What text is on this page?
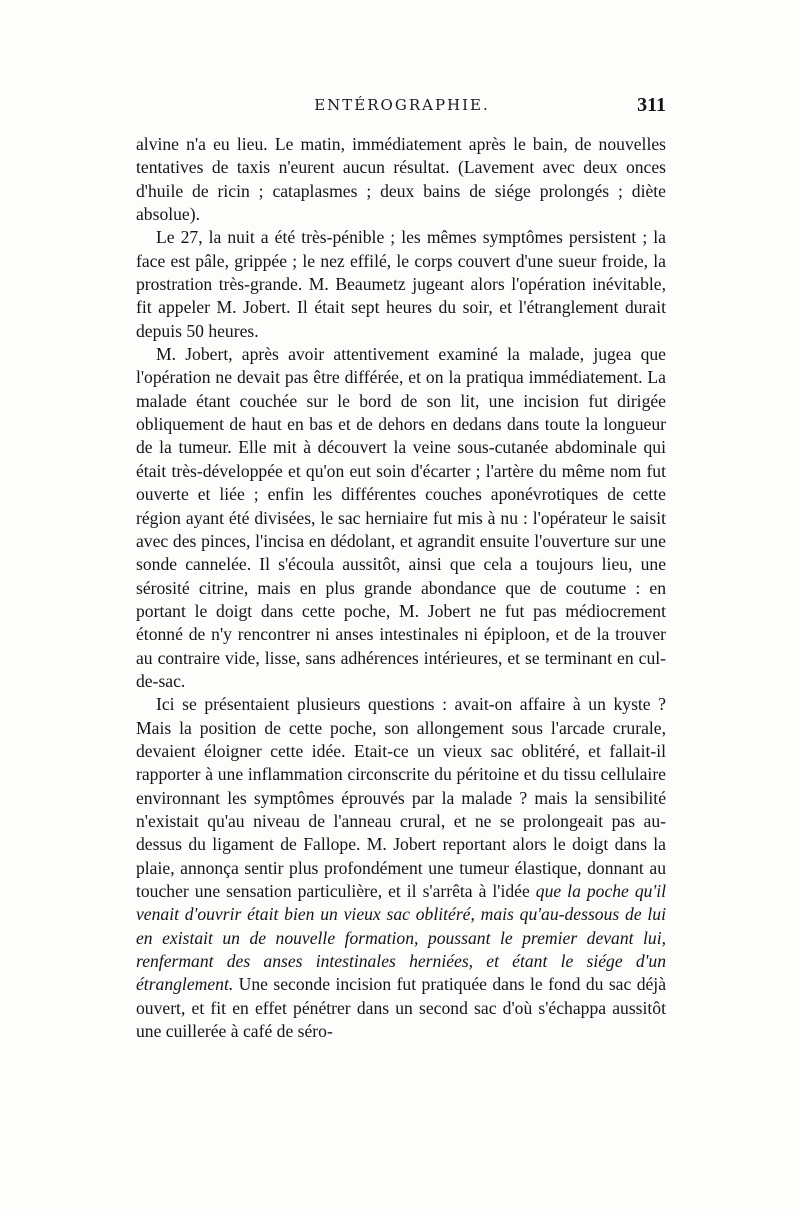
ENTÉROGRAPHIE.	311

alvine n'a eu lieu. Le matin, immédiatement après le bain, de nouvelles tentatives de taxis n'eurent aucun résultat. (Lavement avec deux onces d'huile de ricin ; cataplasmes ; deux bains de siége prolongés ; diète absolue).

Le 27, la nuit a été très-pénible ; les mêmes symptômes persistent ; la face est pâle, grippée ; le nez effilé, le corps couvert d'une sueur froide, la prostration très-grande. M. Beaumetz jugeant alors l'opération inévitable, fit appeler M. Jobert. Il était sept heures du soir, et l'étranglement durait depuis 50 heures.

M. Jobert, après avoir attentivement examiné la malade, jugea que l'opération ne devait pas être différée, et on la pratiqua immédiatement. La malade étant couchée sur le bord de son lit, une incision fut dirigée obliquement de haut en bas et de dehors en dedans dans toute la longueur de la tumeur. Elle mit à découvert la veine sous-cutanée abdominale qui était très-développée et qu'on eut soin d'écarter ; l'artère du même nom fut ouverte et liée ; enfin les différentes couches aponévrotiques de cette région ayant été divisées, le sac herniaire fut mis à nu : l'opérateur le saisit avec des pinces, l'incisa en dédolant, et agrandit ensuite l'ouverture sur une sonde cannelée. Il s'écoula aussitôt, ainsi que cela a toujours lieu, une sérosité citrine, mais en plus grande abondance que de coutume : en portant le doigt dans cette poche, M. Jobert ne fut pas médiocrement étonné de n'y rencontrer ni anses intestinales ni épiploon, et de la trouver au contraire vide, lisse, sans adhérences intérieures, et se terminant en cul-de-sac.

Ici se présentaient plusieurs questions : avait-on affaire à un kyste ? Mais la position de cette poche, son allongement sous l'arcade crurale, devaient éloigner cette idée. Etait-ce un vieux sac oblitéré, et fallait-il rapporter à une inflammation circonscrite du péritoine et du tissu cellulaire environnant les symptômes éprouvés par la malade ? mais la sensibilité n'existait qu'au niveau de l'anneau crural, et ne se prolongeait pas au-dessus du ligament de Fallope. M. Jobert reportant alors le doigt dans la plaie, annonça sentir plus profondément une tumeur élastique, donnant au toucher une sensation particulière, et il s'arrêta à l'idée que la poche qu'il venait d'ouvrir était bien un vieux sac oblitéré, mais qu'au-dessous de lui en existait un de nouvelle formation, poussant le premier devant lui, renfermant des anses intestinales herniées, et étant le siége d'un étranglement. Une seconde incision fut pratiquée dans le fond du sac déjà ouvert, et fit en effet pénétrer dans un second sac d'où s'échappa aussitôt une cuillerée à café de séro-
